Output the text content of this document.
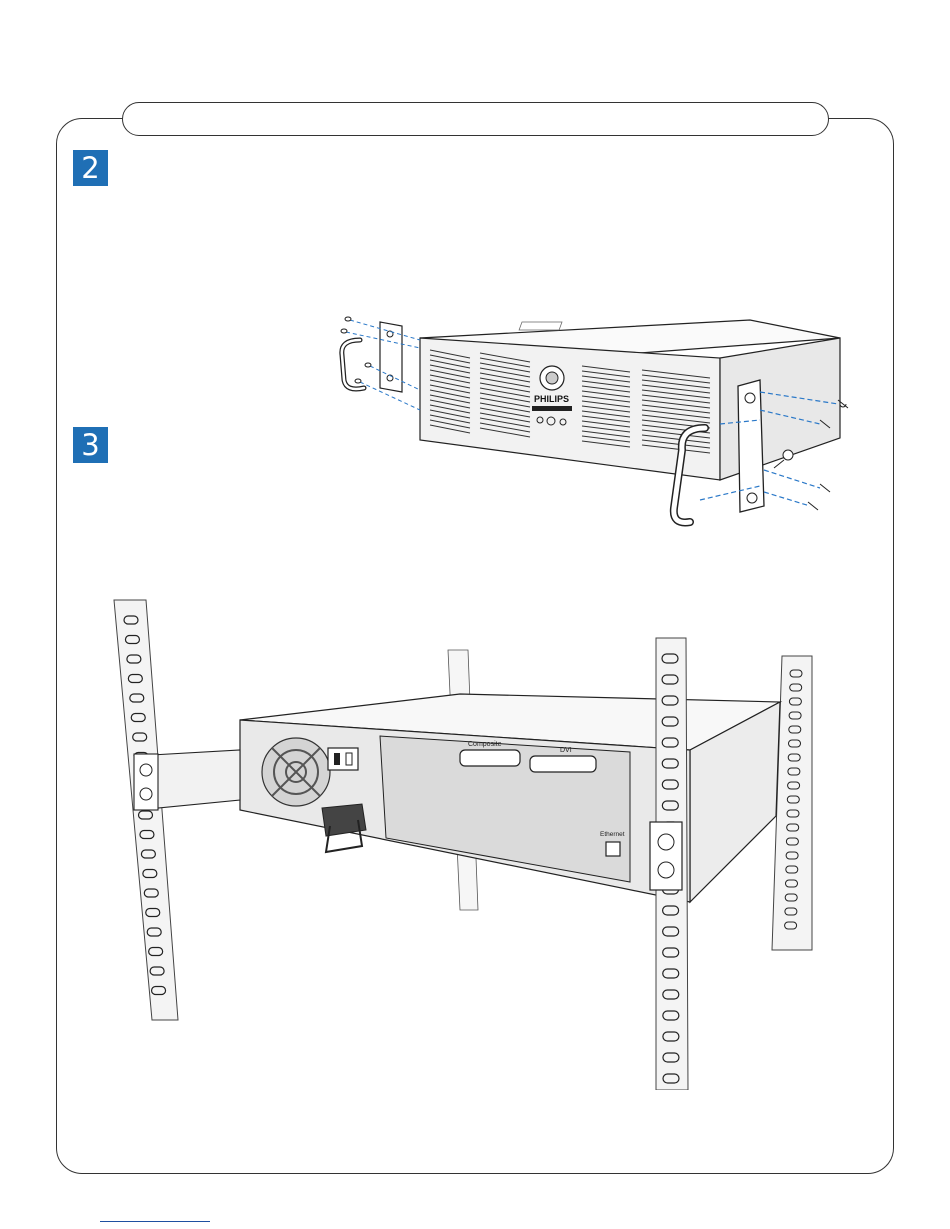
2
3
PHILIPS
Composite
DVI
Ethernet
